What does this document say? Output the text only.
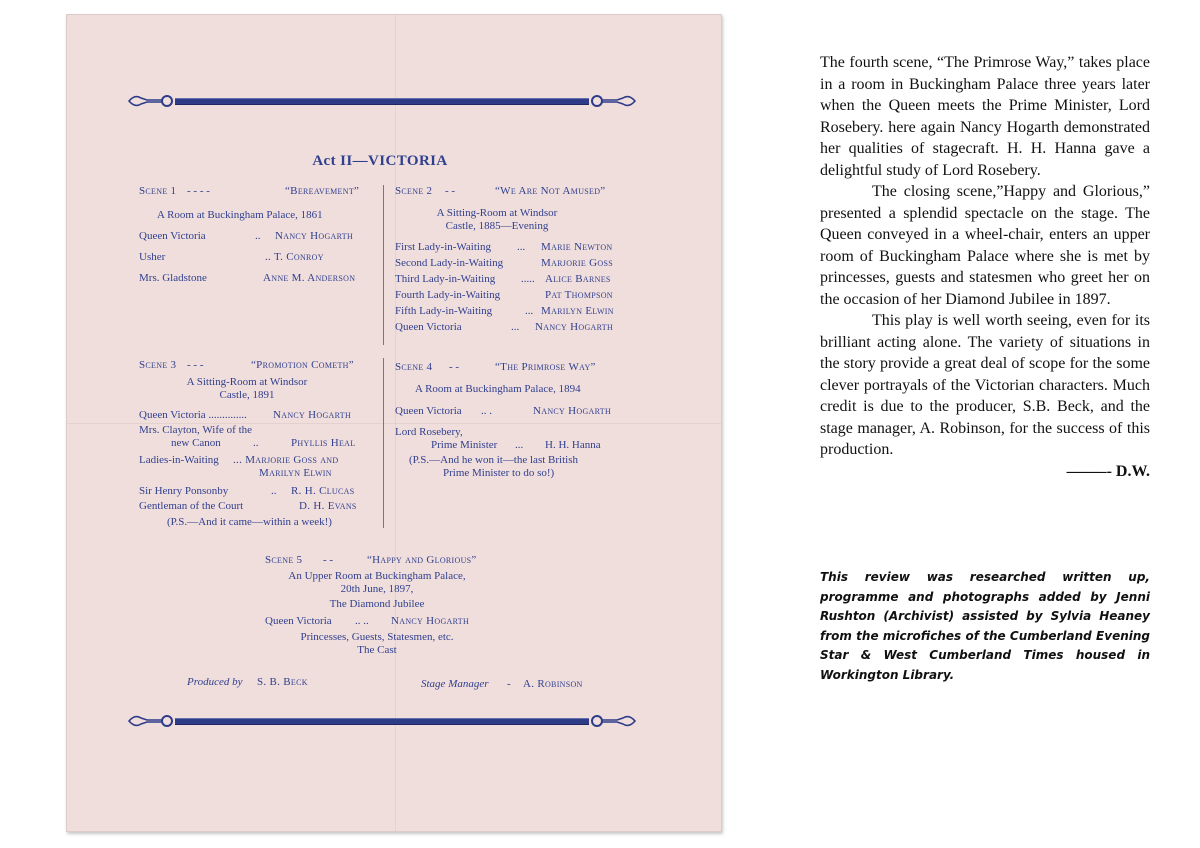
Act II—VICTORIA
Scene 1 - - - -	“Bereavement”
A Room at Buckingham Palace, 1861
Queen Victoria	.. Nancy Hogarth
Usher	.. T. Conroy
Mrs. Gladstone	Anne M. Anderson
Scene 2 - -	“We Are Not Amused”
A Sitting-Room at Windsor
Castle, 1885—Evening
First Lady-in-Waiting ... Marie Newton
Second Lady-in-Waiting	Marjorie Goss
Third Lady-in-Waiting ..... Alice Barnes
Fourth Lady-in-Waiting	Pat Thompson
Fifth Lady-in-Waiting	... Marilyn Elwin
Queen Victoria	... Nancy Hogarth
Scene 3 - - -	“Promotion Cometh”
A Sitting-Room at Windsor
Castle, 1891
Queen Victoria .............. Nancy Hogarth
Mrs. Clayton, Wife of the
new Canon	..	Phyllis Heal
Ladies-in-Waiting ... Marjorie Goss and
Marilyn Elwin
Sir Henry Ponsonby	.. R. H. Clucas
Gentleman of the Court	D. H. Evans
(P.S.—And it came—within a week!)
Scene 4 - -	“The Primrose Way”
A Room at Buckingham Palace, 1894
Queen Victoria .. .	Nancy Hogarth
Lord Rosebery,
Prime Minister ... H. H. Hanna
(P.S.—And he won it—the last British
Prime Minister to do so!)
Scene 5 - -	“Happy and Glorious”
An Upper Room at Buckingham Palace,
20th June, 1897,
The Diamond Jubilee
Queen Victoria .. .. Nancy Hogarth
Princesses, Guests, Statesmen, etc.
The Cast
Produced by S. B. Beck	Stage Manager - A. Robinson

The fourth scene, “The Primrose Way,” takes place in a room in Buckingham Palace three years later when the Queen meets the Prime Minister, Lord Rosebery. here again Nancy Hogarth demonstrated her qualities of stagecraft. H. H. Hanna gave a delightful study of Lord Rosebery.

The closing scene,”Happy and Glorious,” presented a splendid spectacle on the stage. The Queen conveyed in a wheel-chair, enters an upper room of Buckingham Palace where she is met by princesses, guests and statesmen who greet her on the occasion of her Diamond Jubilee in 1897.

This play is well worth seeing, even for its brilliant acting alone. The variety of situations in the story provide a great deal of scope for the some clever portrayals of the Victorian characters. Much credit is due to the producer, S.B. Beck, and the stage manager, A. Robinson, for the success of this production.

——–- D.W.

This review was researched written up, programme and photographs added by Jenni Rushton (Archivist) assisted by Sylvia Heaney from the microfiches of the Cumberland Evening Star & West Cumberland Times housed in Workington Library.
